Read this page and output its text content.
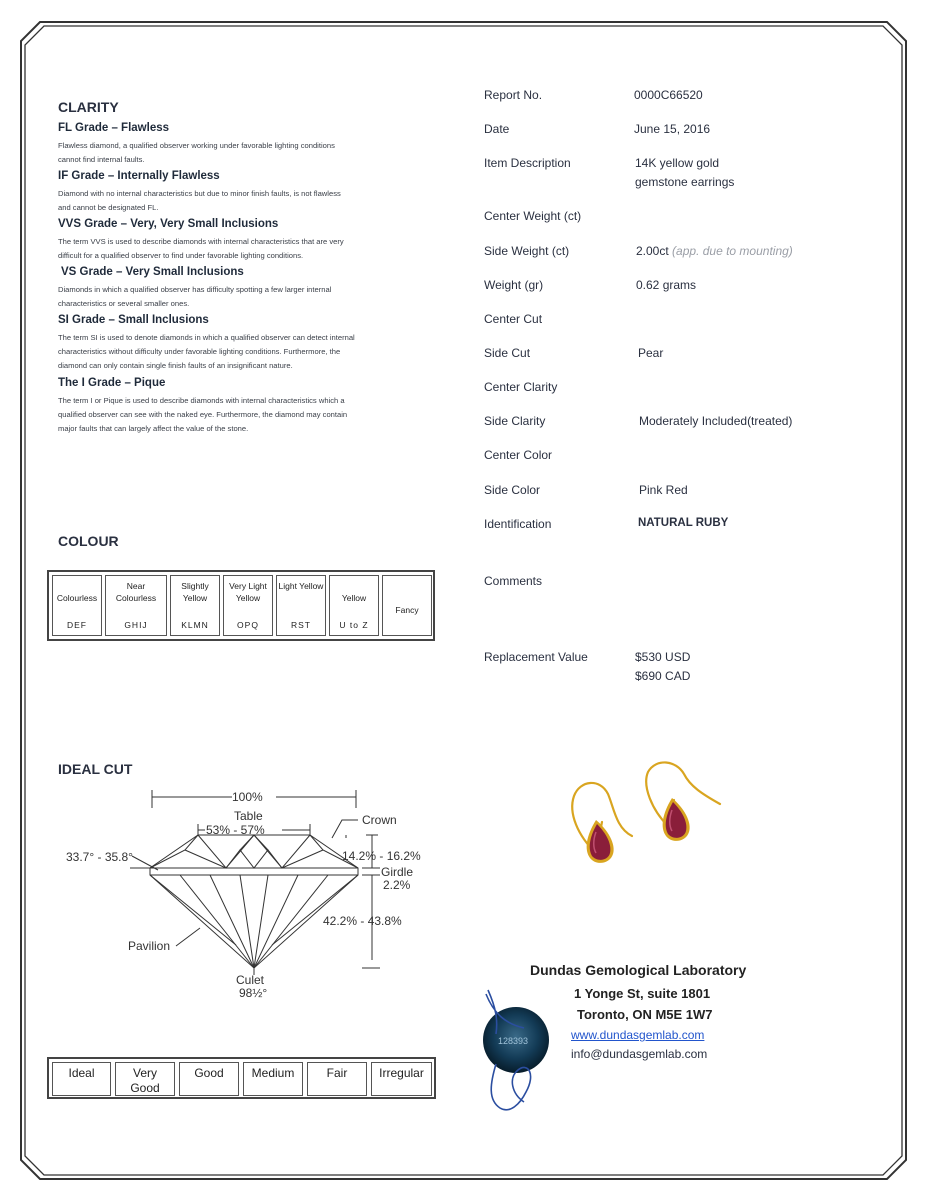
CLARITY
FL Grade – Flawless
Flawless diamond, a qualified observer working under favorable lighting conditions
cannot find internal faults.
IF Grade – Internally Flawless
Diamond with no internal characteristics but due to minor finish faults, is not flawless
and cannot be designated FL.
VVS Grade – Very, Very Small Inclusions
The term VVS is used to describe diamonds with internal characteristics that are very
difficult for a qualified observer to find under favorable lighting conditions.
VS Grade – Very Small Inclusions
Diamonds in which a qualified observer has difficulty spotting a few larger internal
characteristics or several smaller ones.
SI Grade – Small Inclusions
The term SI is used to denote diamonds in which a qualified observer can detect internal
characteristics without difficulty under favorable lighting conditions. Furthermore, the
diamond can only contain single finish faults of an insignificant nature.
The I Grade – Pique
The term I or Pique is used to describe diamonds with internal characteristics which a
qualified observer can see with the naked eye. Furthermore, the diamond may contain
major faults that can largely affect the value of the stone.
COLOUR
Colourless
DEF
Near Colourless
GHIJ
Slightly Yellow
KLMN
Very Light Yellow
OPQ
Light Yellow
RST
Yellow
U to Z
Fancy
IDEAL CUT
100%
Table
53% - 57%
Crown
33.7° - 35.8°	14.2% - 16.2%
Girdle
2.2%
42.2% - 43.8%
Pavilion
Culet
98½°
Ideal	Very Good
Good	Medium	Fair	Irregular
Report No.	0000C66520
Date	June 15, 2016
Item Description	14K yellow gold
gemstone earrings
Center Weight (ct)
Side Weight (ct)	2.00ct (app. due to mounting)
Weight (gr)	0.62 grams
Center Cut
Side Cut	Pear
Center Clarity
Side Clarity	Moderately Included(treated)
Center Color
Side Color	Pink Red
Identification	NATURAL RUBY
Comments
Replacement Value	$530 USD
$690 CAD
Dundas Gemological Laboratory
1 Yonge St, suite 1801
Toronto, ON M5E 1W7
www.dundasgemlab.com
info@dundasgemlab.com
128393
